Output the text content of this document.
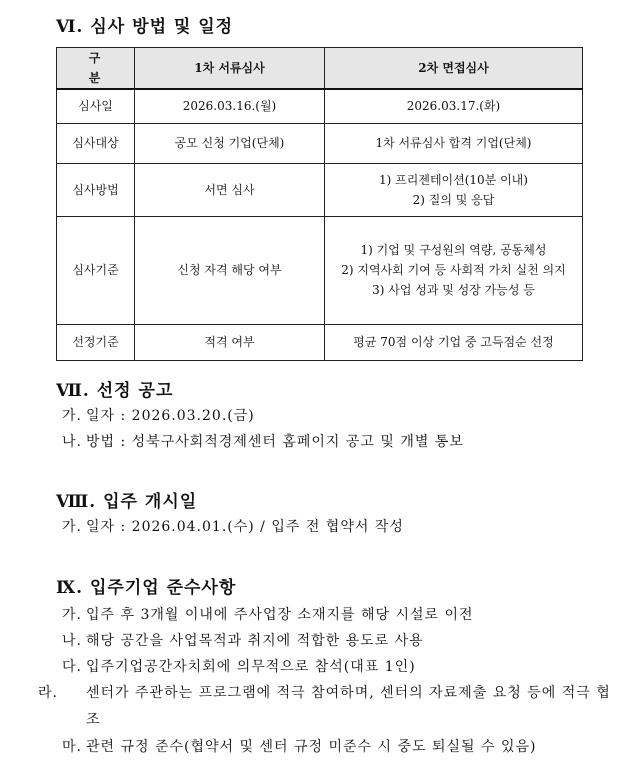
Ⅵ. 심사 방법 및 일정
구 분	1차 서류심사	2차 면접심사
심사일	2026.03.16.(월)	2026.03.17.(화)

심사대상	공모 신청 기업(단체)	1차 서류심사 합격 기업(단체)

심사방법	서면 심사	1) 프리젠테이션(10분 이내)
2) 질의 및 응답

심사기준	신청 자격 해당 여부	1) 기업 및 구성원의 역량, 공동체성
2) 지역사회 기여 등 사회적 가치 실천 의지
3) 사업 성과 및 성장 가능성 등

선정기준	적격 여부	평균 70점 이상 기업 중 고득점순 선정
Ⅶ. 선정 공고
가. 일자 : 2026.03.20.(금)
나. 방법 : 성북구사회적경제센터 홈페이지 공고 및 개별 통보
Ⅷ. 입주 개시일
가. 일자 : 2026.04.01.(수) / 입주 전 협약서 작성
Ⅸ. 입주기업 준수사항
가. 입주 후 3개월 이내에 주사업장 소재지를 해당 시설로 이전
나. 해당 공간을 사업목적과 취지에 적합한 용도로 사용
다. 입주기업공간자치회에 의무적으로 참석(대표 1인)
라. 센터가 주관하는 프로그램에 적극 참여하며, 센터의 자료제출 요청 등에 적극 협조
마. 관련 규정 준수(협약서 및 센터 규정 미준수 시 중도 퇴실될 수 있음)
